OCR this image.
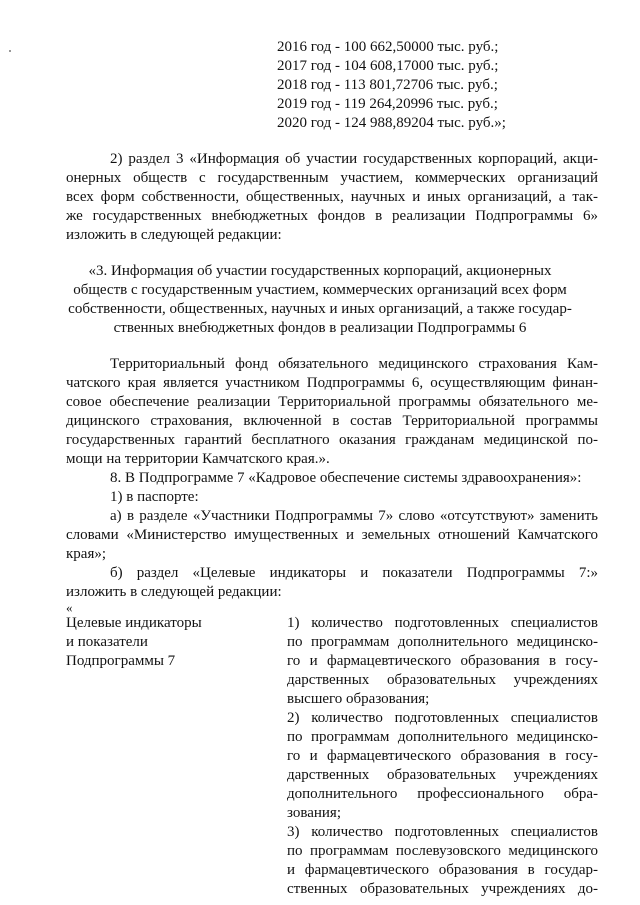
2016 год - 100 662,50000 тыс. руб.;
2017 год - 104 608,17000 тыс. руб.;
2018 год - 113 801,72706 тыс. руб.;
2019 год - 119 264,20996 тыс. руб.;
2020 год - 124 988,89204 тыс. руб.»;
2) раздел 3 «Информация об участии государственных корпораций, акци-
онерных обществ с государственным участием, коммерческих организаций
всех форм собственности, общественных, научных и иных организаций, а так-
же государственных внебюджетных фондов в реализации Подпрограммы 6»
изложить в следующей редакции:
«3. Информация об участии государственных корпораций, акционерных
обществ с государственным участием, коммерческих организаций всех форм
собственности, общественных, научных и иных организаций, а также государ-
ственных внебюджетных фондов в реализации Подпрограммы 6
Территориальный фонд обязательного медицинского страхования Кам-
чатского края является участником Подпрограммы 6, осуществляющим финан-
совое обеспечение реализации Территориальной программы обязательного ме-
дицинского страхования, включенной в состав Территориальной программы
государственных гарантий бесплатного оказания гражданам медицинской по-
мощи на территории Камчатского края.».
8. В Подпрограмме 7 «Кадровое обеспечение системы здравоохранения»:
1) в паспорте:
а) в разделе «Участники Подпрограммы 7» слово «отсутствуют» заменить
словами «Министерство имущественных и земельных отношений Камчатского
края»;
б) раздел «Целевые индикаторы и показатели Подпрограммы 7:»
изложить в следующей редакции:
«
Целевые индикаторы
и показатели
Подпрограммы 7
1) количество подготовленных специалистов
по программам дополнительного медицинско-
го и фармацевтического образования в госу-
дарственных образовательных учреждениях
высшего образования;
2) количество подготовленных специалистов
по программам дополнительного медицинско-
го и фармацевтического образования в госу-
дарственных образовательных учреждениях
дополнительного профессионального обра-
зования;
3) количество подготовленных специалистов
по программам послевузовского медицинского
и фармацевтического образования в государ-
ственных образовательных учреждениях до-
